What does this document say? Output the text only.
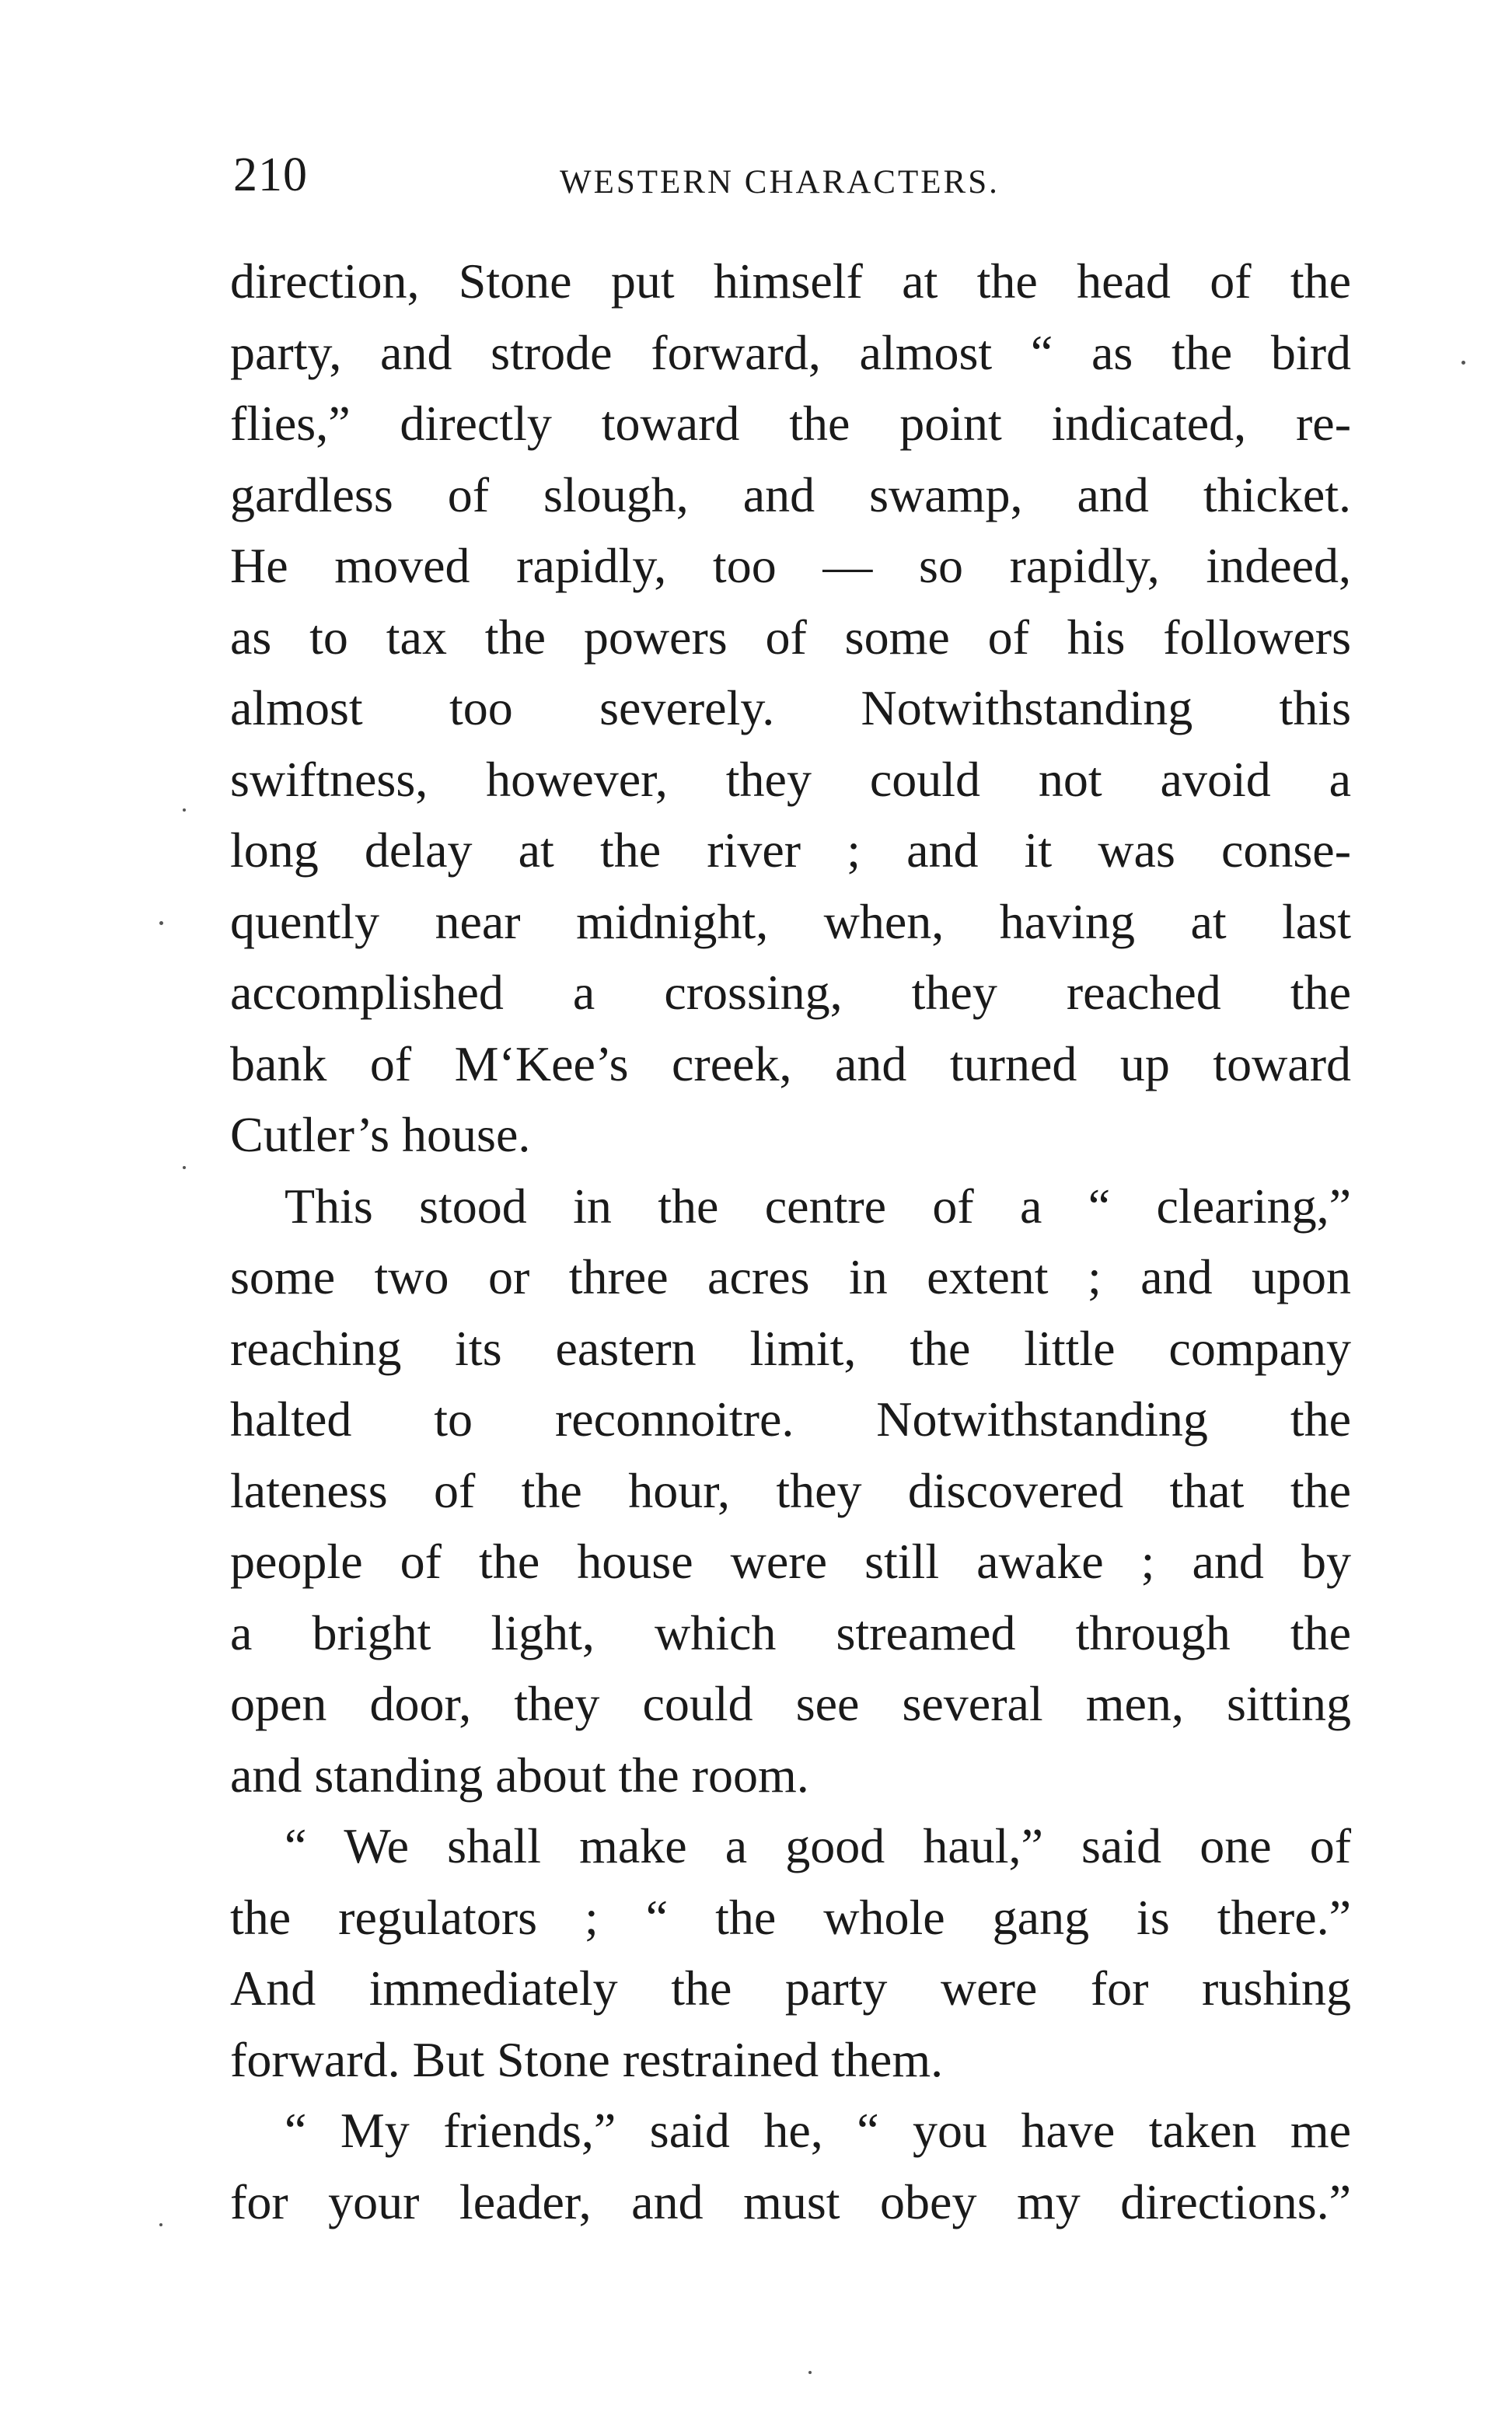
210	WESTERN CHARACTERS.
direction, Stone put himself at the head of the
party, and strode forward, almost “ as the bird
flies,” directly toward the point indicated, re-
gardless of slough, and swamp, and thicket.
He moved rapidly, too — so rapidly, indeed,
as to tax the powers of some of his followers
almost too severely. Notwithstanding this
swiftness, however, they could not avoid a
long delay at the river ; and it was conse-
quently near midnight, when, having at last
accomplished a crossing, they reached the
bank of M‘Kee’s creek, and turned up toward
Cutler’s house.
This stood in the centre of a “ clearing,”
some two or three acres in extent ; and upon
reaching its eastern limit, the little company
halted to reconnoitre. Notwithstanding the
lateness of the hour, they discovered that the
people of the house were still awake ; and by
a bright light, which streamed through the
open door, they could see several men, sitting
and standing about the room.
“ We shall make a good haul,” said one of
the regulators ; “ the whole gang is there.”
And immediately the party were for rushing
forward. But Stone restrained them.
“ My friends,” said he, “ you have taken me
for your leader, and must obey my directions.”
